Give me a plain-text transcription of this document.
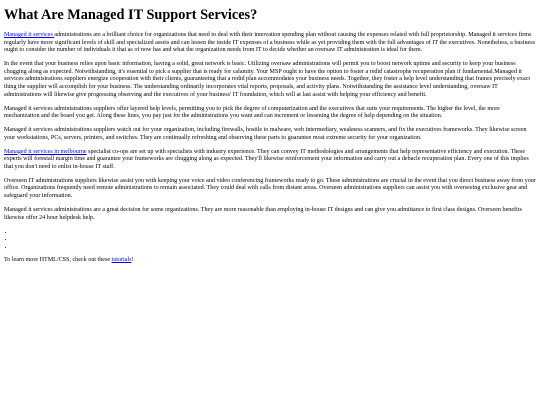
What Are Managed IT Support Services?

Managed it services administrations are a brilliant choice for organizations that need to deal with their innovation spending plan without causing the expenses related with full proprietorship. Managed it services firms regularly have more significant levels of skill and specialized assets and can lessen the inside IT expenses of a business while as yet providing them with the full advantages of IT the executives. Nonetheless, a business ought to consider the number of individuals it that as of now has and what the organization needs from IT to decide whether an oversaw IT administration is ideal for them.

In the event that your business relies upon basic information, having a solid, great network is basic. Utilizing oversaw administrations will permit you to boost network uptime and security to keep your business chugging along as expected. Notwithstanding, it's essential to pick a supplier that is ready for calamity. Your MSP ought to have the option to foster a redid catastrophe recuperation plan if fundamental.Managed it services administrations suppliers energize cooperation with their clients, guaranteeing that a redid plan accommodates your business needs. Together, they foster a help level understanding that frames precisely exact thing the supplier will accomplish for your business. The understanding ordinarily incorporates vital reports, proposals, and activity plans. Notwithstanding the assistance level understanding, oversaw IT administrations will likewise give progressing observing and the executives of your business' IT foundation, which will at last assist with helping your efficiency and benefit.

Managed it services administrations suppliers offer layered help levels, permitting you to pick the degree of computerization and the executives that suits your requirements. The higher the level, the more mechanization and the board you get. Along these lines, you pay just for the administrations you want and can increment or lessening the degree of help depending on the situation.

Managed it services administrations suppliers watch out for your organization, including firewalls, hostile to malware, web intermediary, weakness scanners, and fix the executives frameworks. They likewise screen your workstations, PCs, servers, printers, and switches. They are continually refreshing and observing these parts to guarantee most extreme security for your organization.

Managed it services in melbourne specialist co-ops are set up with specialists with industry experience. They can convey IT methodologies and arrangements that help representative efficiency and execution. These experts will forestall margin time and guarantee your frameworks are chugging along as expected. They'll likewise reinforcement your information and carry out a debacle recuperation plan. Every one of this implies that you don't need to enlist in-house IT staff.

Overseen IT administrations suppliers likewise assist you with keeping your voice and video conferencing frameworks ready to go. These administrations are crucial in the event that you direct business away from your office. Organizations frequently need remote administrations to remain associated. They could deal with calls from distant areas. Overseen administrations suppliers can assist you with overseeing exclusive gear and safeguard your information.

Managed it services administrations are a great decision for some organizations. They are more reasonable than employing in-house IT designs and can give you admittance to first class designs. Overseen benefits likewise offer 24 hour helpdesk help.

•
•
•

To learn more HTML/CSS, check out these tutorials!
